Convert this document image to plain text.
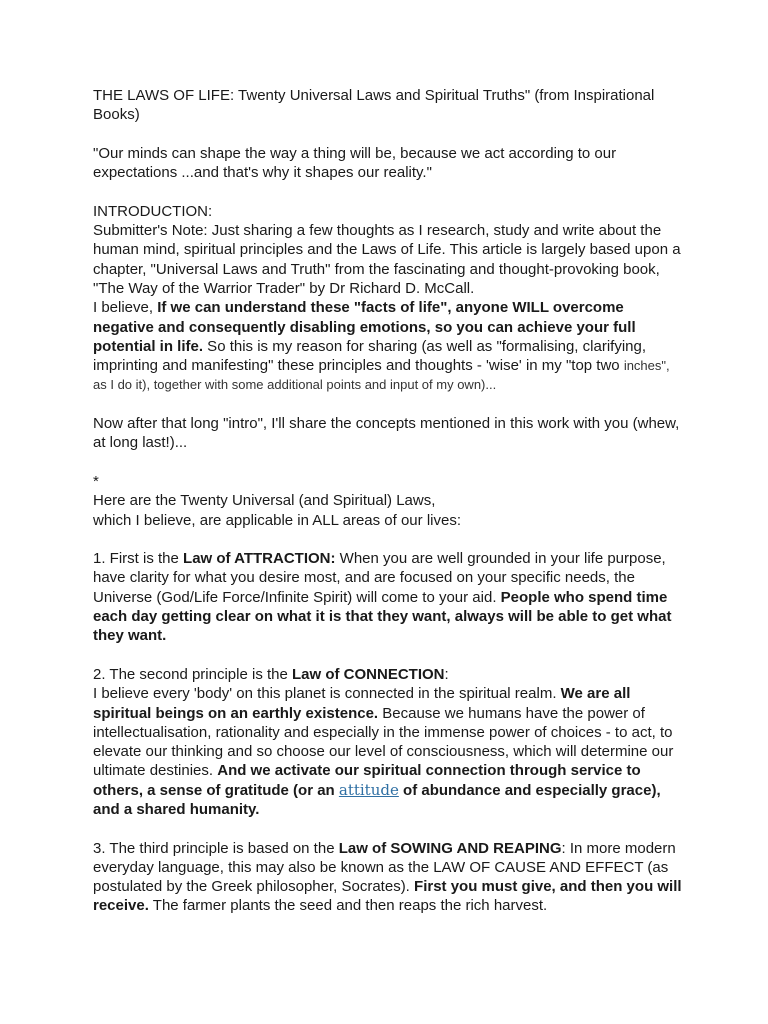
THE LAWS OF LIFE: Twenty Universal Laws and Spiritual Truths" (from Inspirational Books)

"Our minds can shape the way a thing will be, because we act according to our expectations ...and that's why it shapes our reality."

INTRODUCTION:

Submitter's Note: Just sharing a few thoughts as I research, study and write about the human mind, spiritual principles and the Laws of Life. This article is largely based upon a chapter, "Universal Laws and Truth" from the fascinating and thought-provoking book, "The Way of the Warrior Trader" by Dr Richard D. McCall.

I believe, If we can understand these "facts of life", anyone WILL overcome negative and consequently disabling emotions, so you can achieve your full potential in life. So this is my reason for sharing (as well as "formalising, clarifying, imprinting and manifesting" these principles and thoughts - 'wise' in my "top two inches", as I do it), together with some additional points and input of my own)...

Now after that long "intro", I'll share the concepts mentioned in this work with you (whew, at long last!)...

*

Here are the Twenty Universal (and Spiritual) Laws,

which I believe, are applicable in ALL areas of our lives:

1. First is the Law of ATTRACTION: When you are well grounded in your life purpose, have clarity for what you desire most, and are focused on your specific needs, the Universe (God/Life Force/Infinite Spirit) will come to your aid. People who spend time each day getting clear on what it is that they want, always will be able to get what they want.

2. The second principle is the Law of CONNECTION:

I believe every 'body' on this planet is connected in the spiritual realm. We are all spiritual beings on an earthly existence. Because we humans have the power of intellectualisation, rationality and especially in the immense power of choices - to act, to elevate our thinking and so choose our level of consciousness, which will determine our ultimate destinies. And we activate our spiritual connection through service to others, a sense of gratitude (or an attitude of abundance and especially grace), and a shared humanity.

3. The third principle is based on the Law of SOWING AND REAPING: In more modern everyday language, this may also be known as the LAW OF CAUSE AND EFFECT (as postulated by the Greek philosopher, Socrates). First you must give, and then you will receive. The farmer plants the seed and then reaps the rich harvest.
